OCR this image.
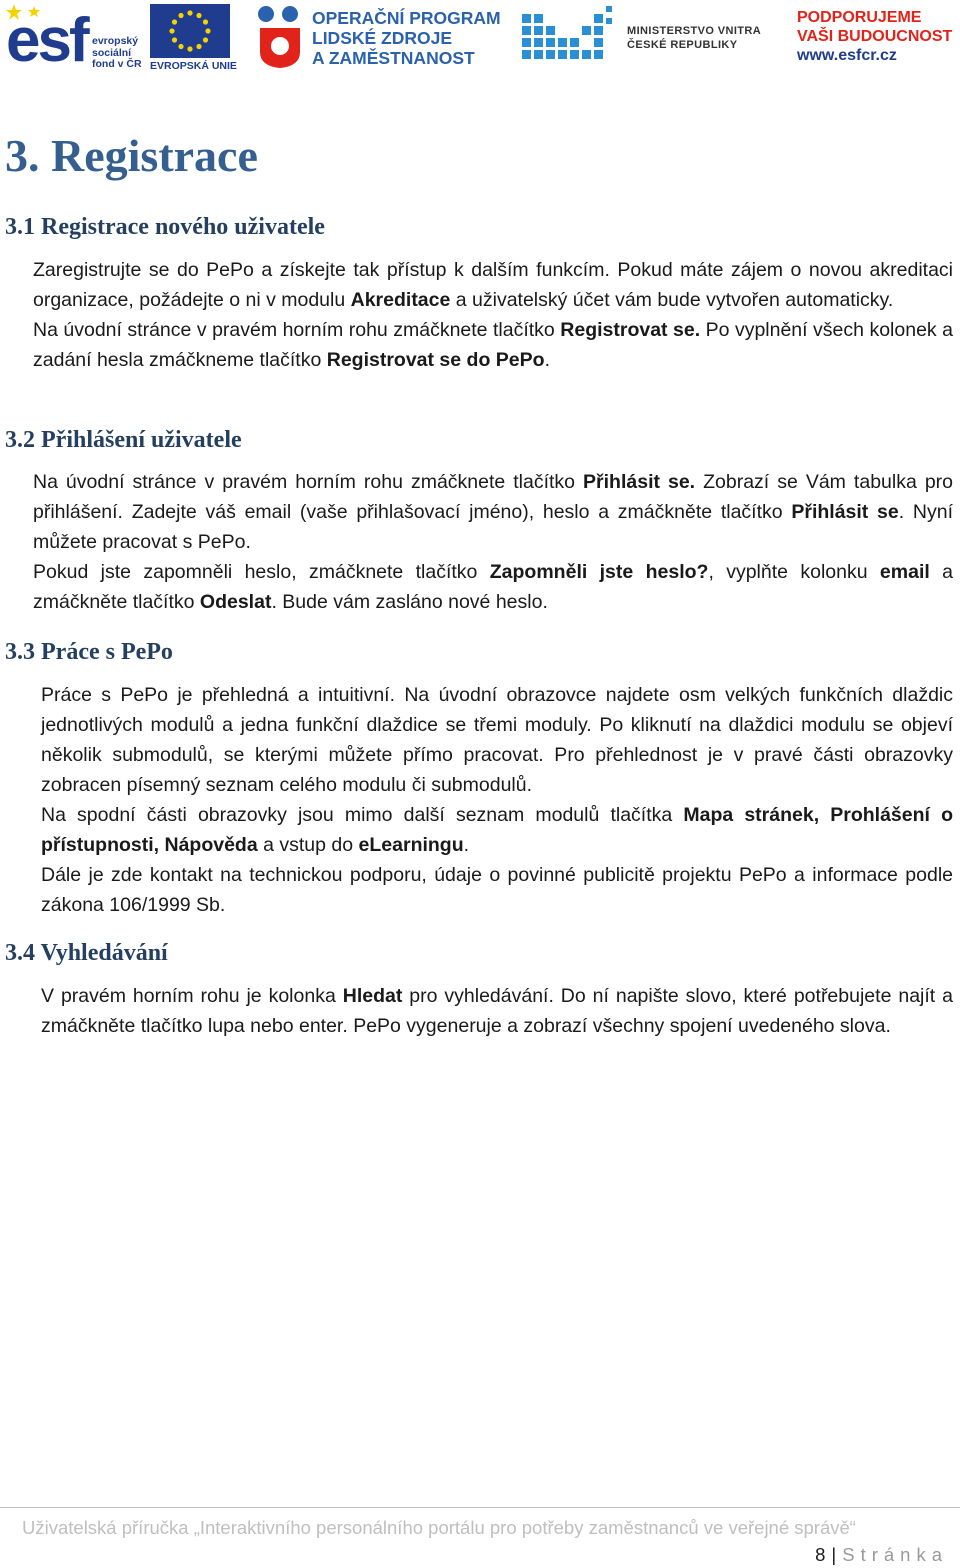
esf evropský
sociální
fond v ČR EVROPSKÁ UNIE
OPERAČNÍ PROGRAM
LIDSKÉ ZDROJE
A ZAMĚSTNANOST
MINISTERSTVO VNITRA
ČESKÉ REPUBLIKY
PODPORUJEME
VAŠI BUDOUCNOST
www.esfcr.cz
3. Registrace
3.1 Registrace nového uživatele
Zaregistrujte se do PePo a získejte tak přístup k dalším funkcím. Pokud máte zájem o novou akreditaci organizace, požádejte o ni v modulu Akreditace a uživatelský účet vám bude vytvořen automaticky.
Na úvodní stránce v pravém horním rohu zmáčknete tlačítko Registrovat se. Po vyplnění všech kolonek a zadání hesla zmáčkneme tlačítko Registrovat se do PePo.
3.2 Přihlášení uživatele
Na úvodní stránce v pravém horním rohu zmáčknete tlačítko Přihlásit se. Zobrazí se Vám tabulka pro přihlášení. Zadejte váš email (vaše přihlašovací jméno), heslo a zmáčkněte tlačítko Přihlásit se. Nyní můžete pracovat s PePo.
Pokud jste zapomněli heslo, zmáčknete tlačítko Zapomněli jste heslo?, vyplňte kolonku email a zmáčkněte tlačítko Odeslat. Bude vám zasláno nové heslo.
3.3 Práce s PePo
Práce s PePo je přehledná a intuitivní. Na úvodní obrazovce najdete osm velkých funkčních dlaždic jednotlivých modulů a jedna funkční dlaždice se třemi moduly. Po kliknutí na dlaždici modulu se objeví několik submodulů, se kterými můžete přímo pracovat. Pro přehlednost je v pravé části obrazovky zobracen písemný seznam celého modulu či submodulů.
Na spodní části obrazovky jsou mimo další seznam modulů tlačítka Mapa stránek, Prohlášení o přístupnosti, Nápověda a vstup do eLearningu.
Dále je zde kontakt na technickou podporu, údaje o povinné publicitě projektu PePo a informace podle zákona 106/1999 Sb.
3.4 Vyhledávání
V pravém horním rohu je kolonka Hledat pro vyhledávání. Do ní napište slovo, které potřebujete najít a zmáčkněte tlačítko lupa nebo enter. PePo vygeneruje a zobrazí všechny spojení uvedeného slova.
Uživatelská příručka „Interaktivního personálního portálu pro potřeby zaměstnanců ve veřejné správě“
8 | Stránka
